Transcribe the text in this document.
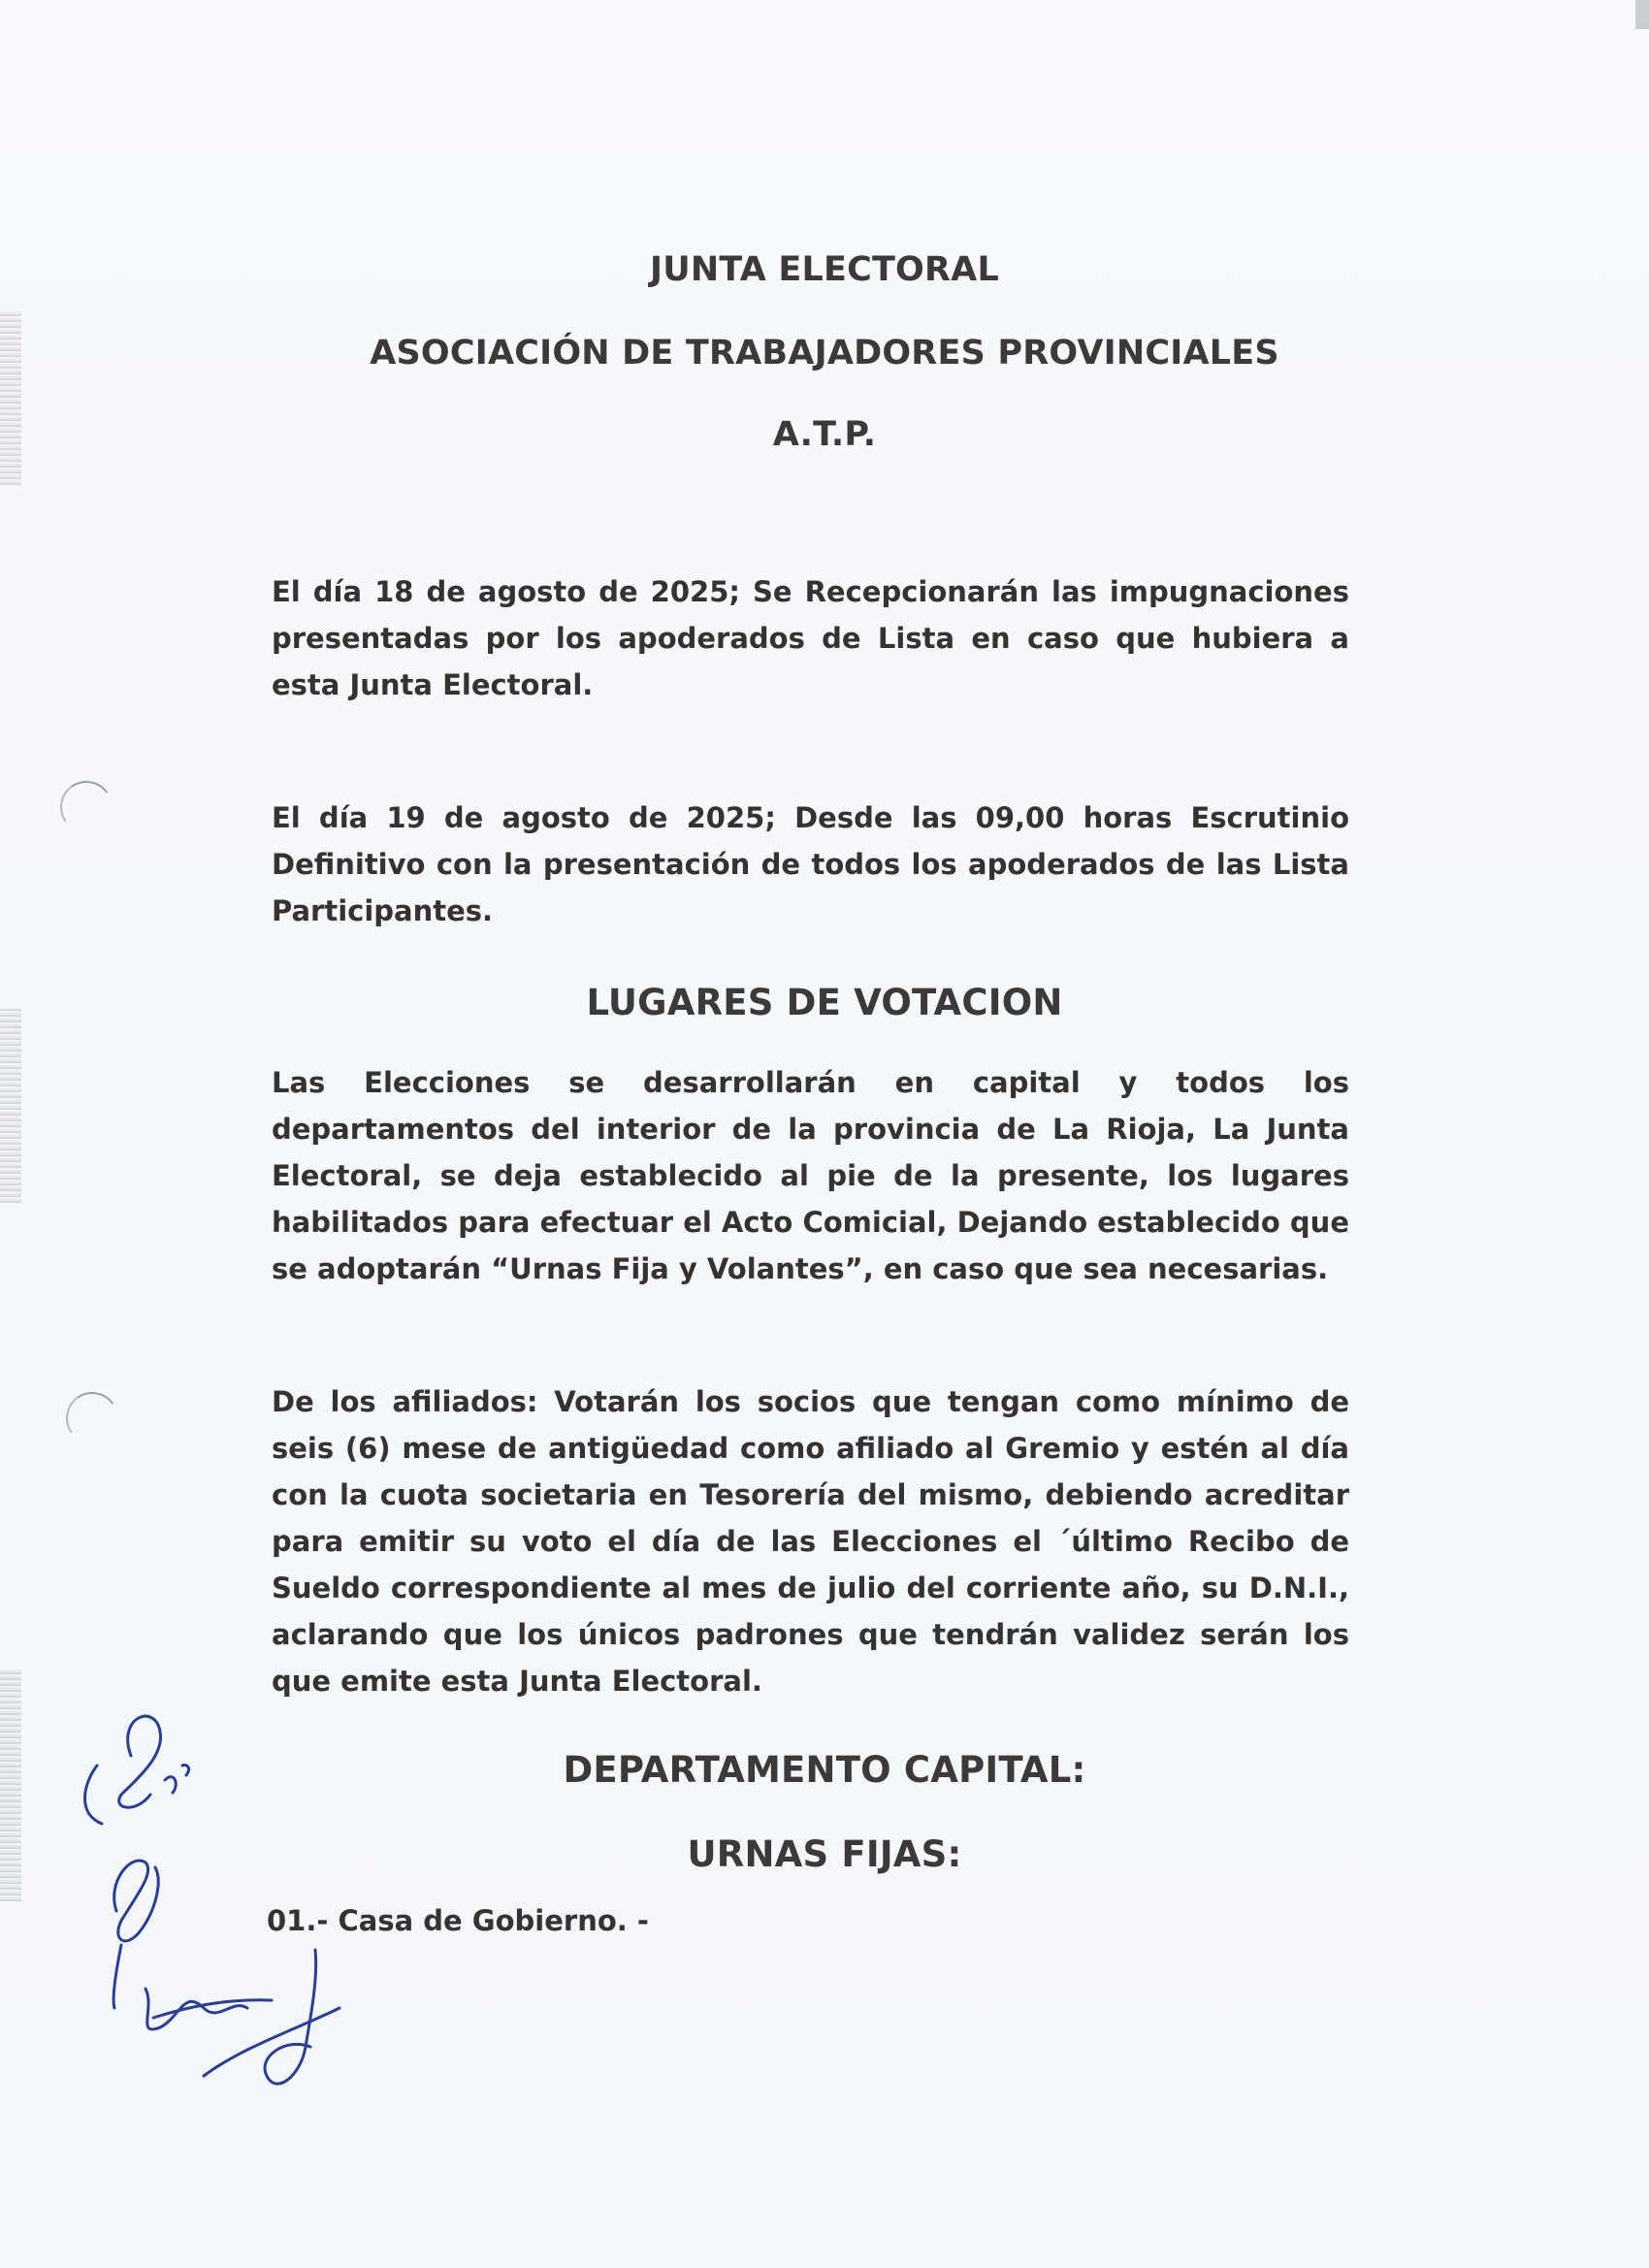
JUNTA ELECTORAL
ASOCIACIÓN DE TRABAJADORES PROVINCIALES
A.T.P.

El día 18 de agosto de 2025; Se Recepcionarán las impugnaciones presentadas por los apoderados de Lista en caso que hubiera a esta Junta Electoral.

El día 19 de agosto de 2025; Desde las 09,00 horas Escrutinio Definitivo con la presentación de todos los apoderados de las Lista Participantes.

LUGARES DE VOTACION

Las Elecciones se desarrollarán en capital y todos los departamentos del interior de la provincia de La Rioja, La Junta Electoral, se deja establecido al pie de la presente, los lugares habilitados para efectuar el Acto Comicial, Dejando establecido que se adoptarán “Urnas Fija y Volantes”, en caso que sea necesarias.

De los afiliados: Votarán los socios que tengan como mínimo de seis (6) mese de antigüedad como afiliado al Gremio y estén al día con la cuota societaria en Tesorería del mismo, debiendo acreditar para emitir su voto el día de las Elecciones el ´último Recibo de Sueldo correspondiente al mes de julio del corriente año, su D.N.I., aclarando que los únicos padrones que tendrán validez serán los que emite esta Junta Electoral.

DEPARTAMENTO CAPITAL:
URNAS FIJAS:
01.- Casa de Gobierno. -
